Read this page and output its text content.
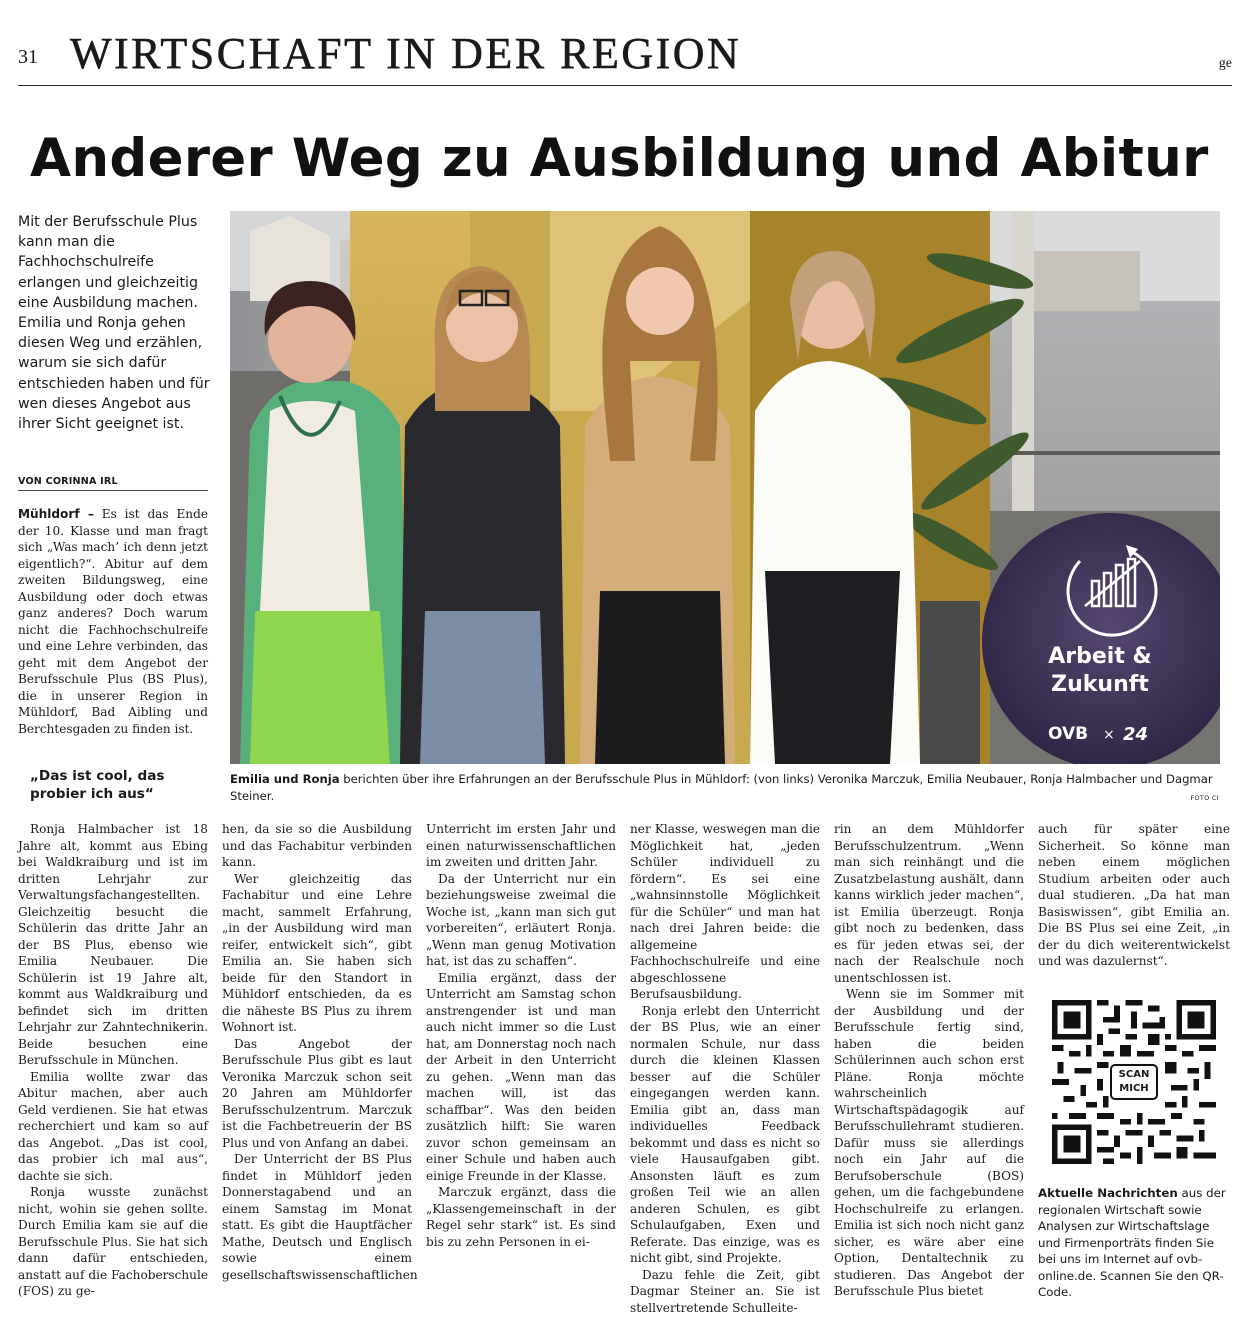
31 WIRTSCHAFT IN DER REGION	ge
Anderer Weg zu Ausbildung und Abitur
Mit der Berufsschule Plus kann man die Fachhochschulreife erlangen und gleichzeitig eine Ausbildung machen. Emilia und Ronja gehen diesen Weg und erzählen, warum sie sich dafür entschieden haben und für wen dieses Angebot aus ihrer Sicht geeignet ist.
VON CORINNA IRL
Mühldorf – Es ist das Ende der 10. Klasse und man fragt sich „Was mach’ ich denn jetzt eigentlich?“. Abitur auf dem zweiten Bildungsweg, eine Ausbildung oder doch etwas ganz anderes? Doch warum nicht die Fachhochschulreife und eine Lehre verbinden, das geht mit dem Angebot der Berufsschule Plus (BS Plus), die in unserer Region in Mühldorf, Bad Aibling und Berchtesgaden zu finden ist.
„Das ist cool, das probier ich aus“
Arbeit &
Zukunft
OVB × 24
Emilia und Ronja berichten über ihre Erfahrungen an der Berufsschule Plus in Mühldorf: (von links) Veronika Marczuk, Emilia Neubauer, Ronja Halmbacher und Dagmar Steiner.	FOTO CI

Ronja Halmbacher ist 18 Jahre alt, kommt aus Ebing bei Waldkraiburg und ist im dritten Lehrjahr zur Verwaltungsfachangestellten. Gleichzeitig besucht die Schülerin das dritte Jahr an der BS Plus, ebenso wie Emilia Neubauer. Die Schülerin ist 19 Jahre alt, kommt aus Waldkraiburg und befindet sich im dritten Lehrjahr zur Zahntechnikerin. Beide besuchen eine Berufsschule in München.

Emilia wollte zwar das Abitur machen, aber auch Geld verdienen. Sie hat etwas recherchiert und kam so auf das Angebot. „Das ist cool, das probier ich mal aus“, dachte sie sich.

Ronja wusste zunächst nicht, wohin sie gehen sollte. Durch Emilia kam sie auf die Berufsschule Plus. Sie hat sich dann dafür entschieden, anstatt auf die Fachoberschule (FOS) zu ge-

hen, da sie so die Ausbildung und das Fachabitur verbinden kann.

Wer gleichzeitig das Fachabitur und eine Lehre macht, sammelt Erfahrung, „in der Ausbildung wird man reifer, entwickelt sich“, gibt Emilia an. Sie haben sich beide für den Standort in Mühldorf entschieden, da es die näheste BS Plus zu ihrem Wohnort ist.

Das Angebot der Berufsschule Plus gibt es laut Veronika Marczuk schon seit 20 Jahren am Mühldorfer Berufsschulzentrum. Marczuk ist die Fachbetreuerin der BS Plus und von Anfang an dabei.

Der Unterricht der BS Plus findet in Mühldorf jeden Donnerstagabend und an einem Samstag im Monat statt. Es gibt die Hauptfächer Mathe, Deutsch und Englisch sowie einem gesellschaftswissenschaftlichen

Unterricht im ersten Jahr und einen naturwissenschaftlichen im zweiten und dritten Jahr.

Da der Unterricht nur ein beziehungsweise zweimal die Woche ist, „kann man sich gut vorbereiten“, erläutert Ronja. „Wenn man genug Motivation hat, ist das zu schaffen“.

Emilia ergänzt, dass der Unterricht am Samstag schon anstrengender ist und man auch nicht immer so die Lust hat, am Donnerstag noch nach der Arbeit in den Unterricht zu gehen. „Wenn man das machen will, ist das schaffbar“. Was den beiden zusätzlich hilft: Sie waren zuvor schon gemeinsam an einer Schule und haben auch einige Freunde in der Klasse.

Marczuk ergänzt, dass die „Klassengemeinschaft in der Regel sehr stark“ ist. Es sind bis zu zehn Personen in ei-

ner Klasse, weswegen man die Möglichkeit hat, „jeden Schüler individuell zu fördern“. Es sei eine „wahnsinnstolle Möglichkeit für die Schüler“ und man hat nach drei Jahren beide: die allgemeine Fachhochschulreife und eine abgeschlossene Berufsausbildung.

Ronja erlebt den Unterricht der BS Plus, wie an einer normalen Schule, nur dass durch die kleinen Klassen besser auf die Schüler eingegangen werden kann. Emilia gibt an, dass man individuelles Feedback bekommt und dass es nicht so viele Hausaufgaben gibt. Ansonsten läuft es zum großen Teil wie an allen anderen Schulen, es gibt Schulaufgaben, Exen und Referate. Das einzige, was es nicht gibt, sind Projekte.

Dazu fehle die Zeit, gibt Dagmar Steiner an. Sie ist stellvertretende Schulleite-

rin an dem Mühldorfer Berufsschulzentrum. „Wenn man sich reinhängt und die Zusatzbelastung aushält, dann kanns wirklich jeder machen“, ist Emilia überzeugt. Ronja gibt noch zu bedenken, dass es für jeden etwas sei, der nach der Realschule noch unentschlossen ist.

Wenn sie im Sommer mit der Ausbildung und der Berufsschule fertig sind, haben die beiden Schülerinnen auch schon erst Pläne. Ronja möchte wahrscheinlich Wirtschaftspädagogik auf Berufsschullehramt studieren. Dafür muss sie allerdings noch ein Jahr auf die Berufsoberschule (BOS) gehen, um die fachgebundene Hochschulreife zu erlangen. Emilia ist sich noch nicht ganz sicher, es wäre aber eine Option, Dentaltechnik zu studieren. Das Angebot der Berufsschule Plus bietet

auch für später eine Sicherheit. So könne man neben einem möglichen Studium arbeiten oder auch dual studieren. „Da hat man Basiswissen“, gibt Emilia an. Die BS Plus sei eine Zeit, „in der du dich weiterentwickelst und was dazulernst“.

SCAN
MICH
Aktuelle Nachrichten aus der regionalen Wirtschaft sowie Analysen zur Wirtschaftslage und Firmenporträts finden Sie bei uns im Internet auf ovb-online.de. Scannen Sie den QR-Code.
